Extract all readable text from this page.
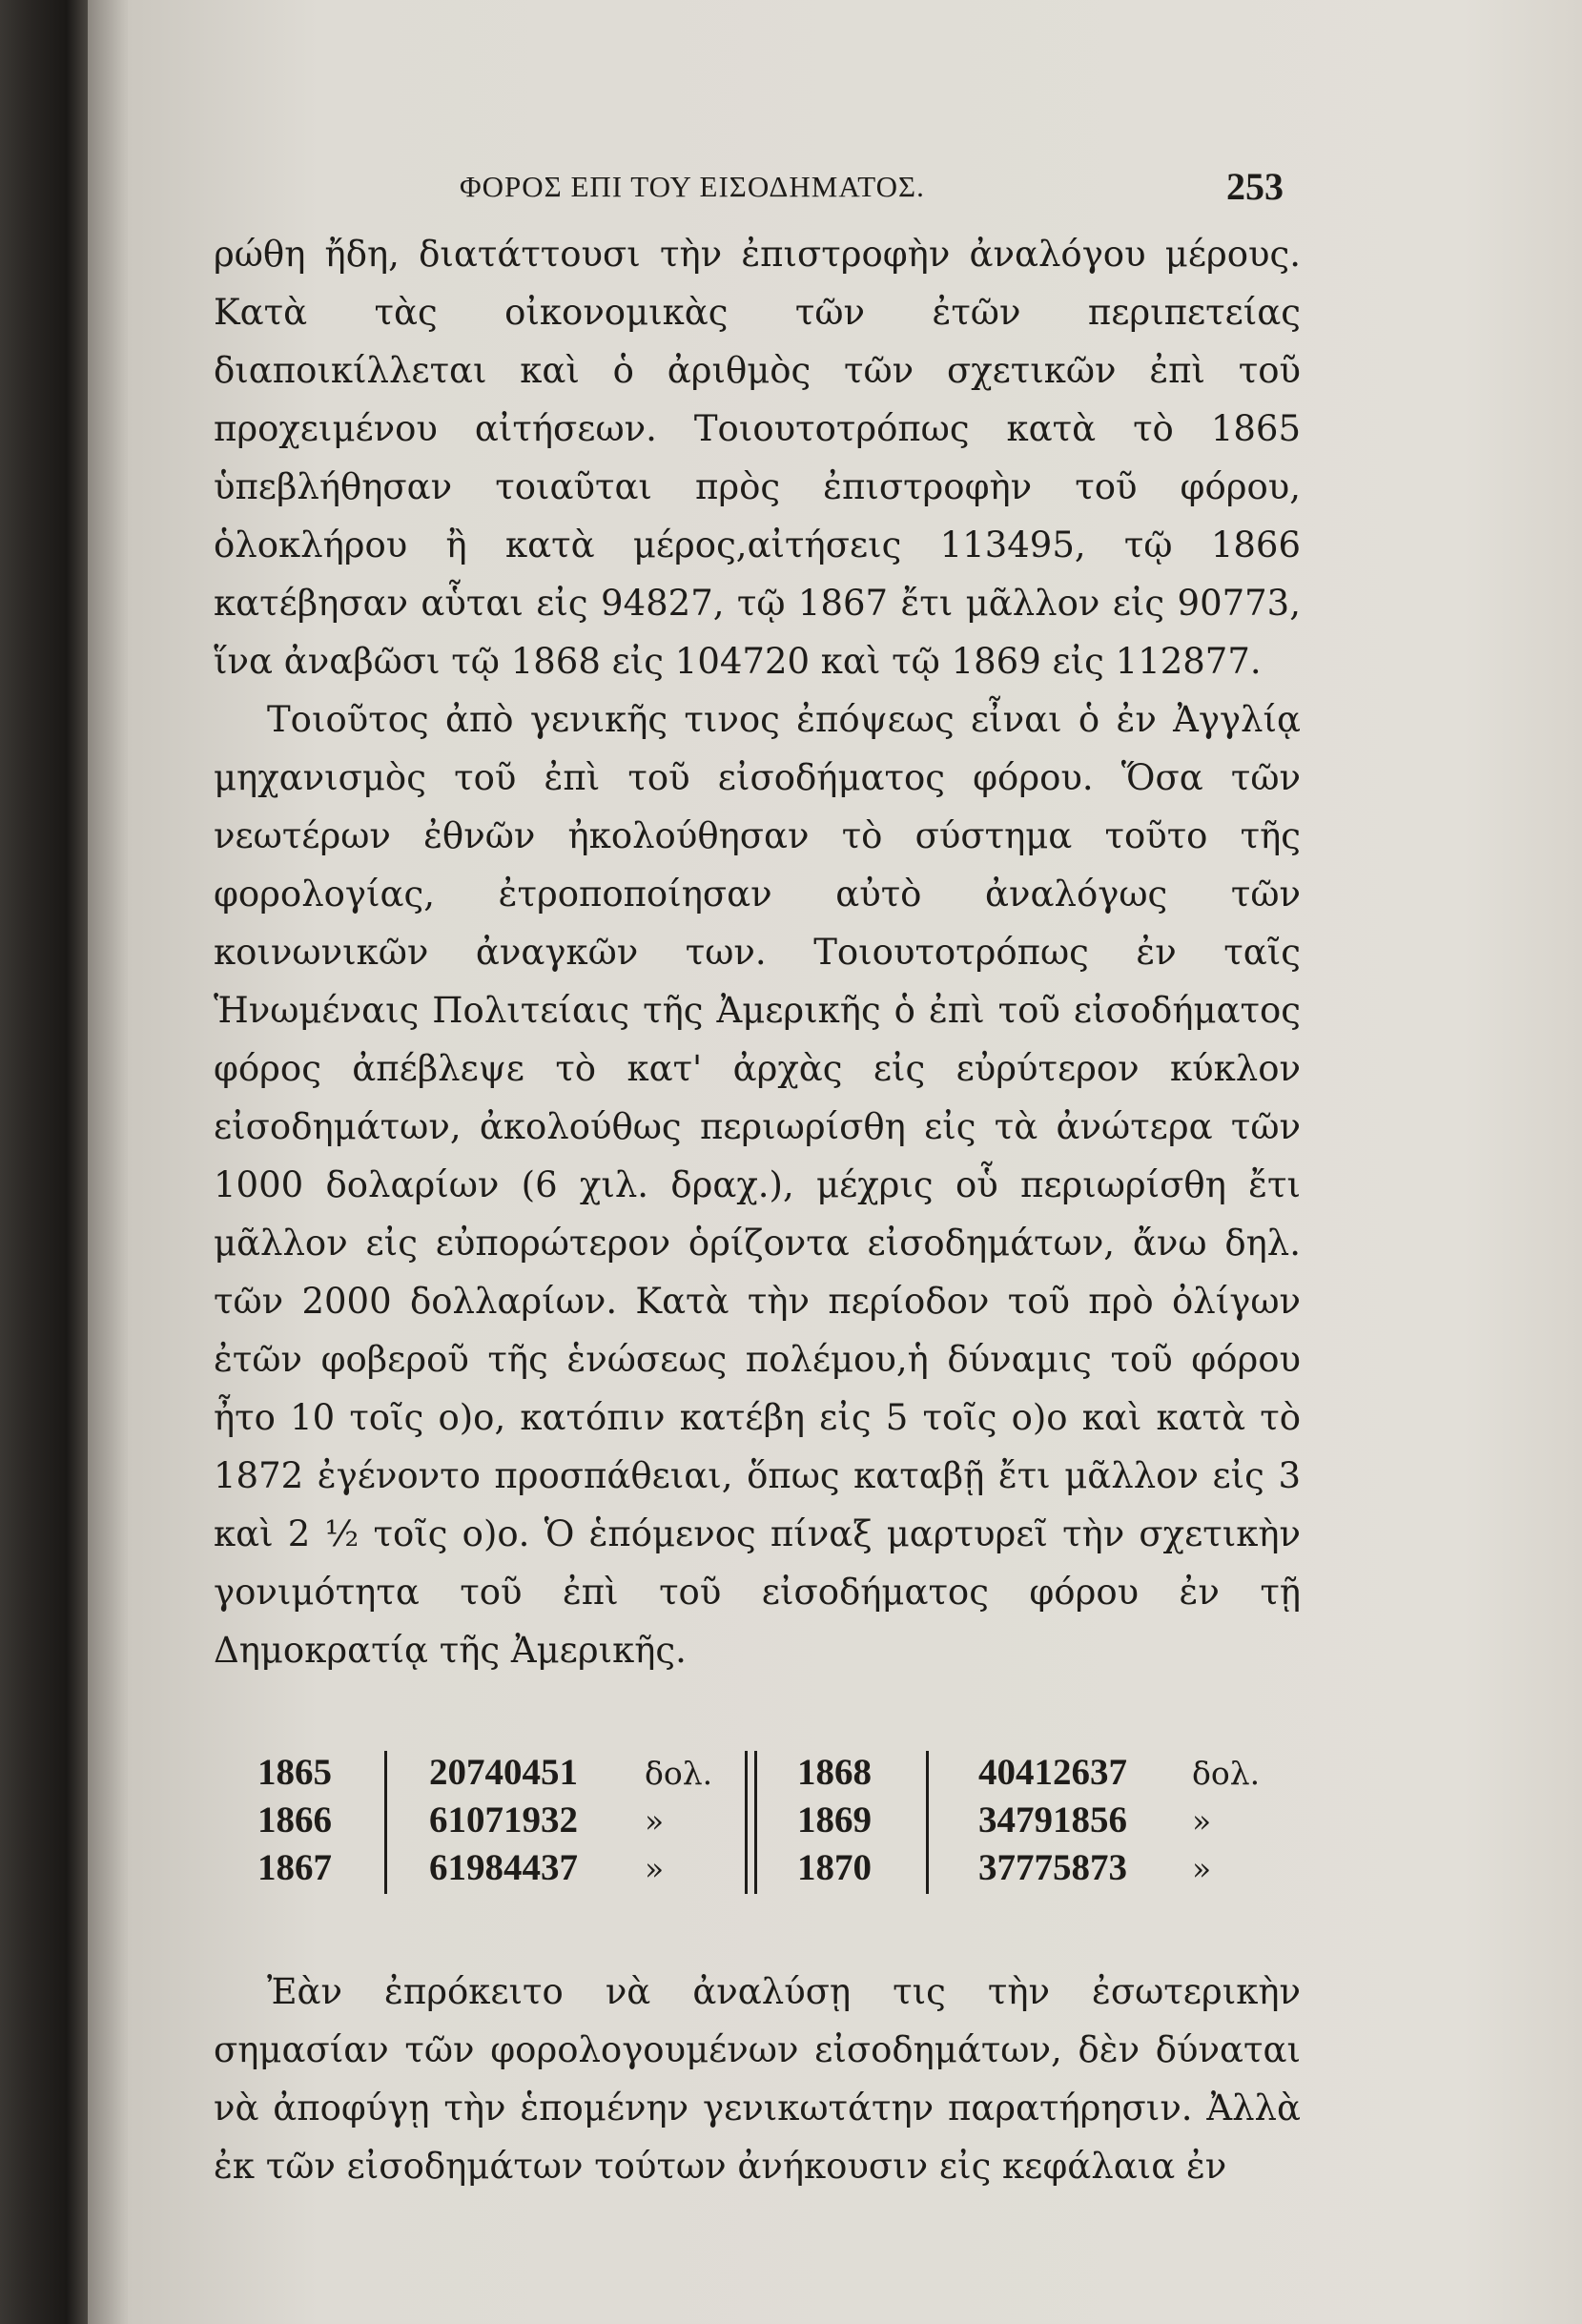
ΦΟΡΟΣ ΕΠΙ ΤΟΥ ΕΙΣΟΔΗΜΑΤΟΣ.	253

ρώθη ἤδη, διατάττουσι τὴν ἐπιστροφὴν ἀναλόγου μέρους. Κατὰ τὰς οἰκονομικὰς τῶν ἐτῶν περιπετείας διαποικίλλεται καὶ ὁ ἀριθμὸς τῶν σχετικῶν ἐπὶ τοῦ προχειμένου αἰτήσεων. Τοιουτοτρόπως κατὰ τὸ 1865 ὑπεβλήθησαν τοιαῦται πρὸς ἐπιστροφὴν τοῦ φόρου, ὁλοκλήρου ἢ κατὰ μέρος,αἰτήσεις 113495, τῷ 1866 κατέβησαν αὗται εἰς 94827, τῷ 1867 ἔτι μᾶλλον εἰς 90773, ἵνα ἀναβῶσι τῷ 1868 εἰς 104720 καὶ τῷ 1869 εἰς 112877.

Τοιοῦτος ἀπὸ γενικῆς τινος ἐπόψεως εἶναι ὁ ἐν Ἀγγλίᾳ μηχανισμὸς τοῦ ἐπὶ τοῦ εἰσοδήματος φόρου. Ὅσα τῶν νεωτέρων ἐθνῶν ἠκολούθησαν τὸ σύστημα τοῦτο τῆς φορολογίας, ἐτροποποίησαν αὐτὸ ἀναλόγως τῶν κοινωνικῶν ἀναγκῶν των. Τοιουτοτρόπως ἐν ταῖς Ἡνωμέναις Πολιτείαις τῆς Ἀμερικῆς ὁ ἐπὶ τοῦ εἰσοδήματος φόρος ἀπέβλεψε τὸ κατ' ἀρχὰς εἰς εὐρύτερον κύκλον εἰσοδημάτων, ἀκολούθως περιωρίσθη εἰς τὰ ἀνώτερα τῶν 1000 δολαρίων (6 χιλ. δραχ.), μέχρις οὗ περιωρίσθη ἔτι μᾶλλον εἰς εὐπορώτερον ὁρίζοντα εἰσοδημάτων, ἄνω δηλ. τῶν 2000 δολλαρίων. Κατὰ τὴν περίοδον τοῦ πρὸ ὀλίγων ἐτῶν φοβεροῦ τῆς ἑνώσεως πολέμου,ἡ δύναμις τοῦ φόρου ἦτο 10 τοῖς ο)ο, κατόπιν κατέβη εἰς 5 τοῖς ο)ο καὶ κατὰ τὸ 1872 ἐγένοντο προσπάθειαι, ὅπως καταβῇ ἔτι μᾶλλον εἰς 3 καὶ 2 ½ τοῖς ο)ο. Ὁ ἑπόμενος πίναξ μαρτυρεῖ τὴν σχετικὴν γονιμότητα τοῦ ἐπὶ τοῦ εἰσοδήματος φόρου ἐν τῇ Δημοκρατίᾳ τῆς Ἀμερικῆς.

1865	20740451 δολ. 1868	40412637 δολ.
1866	61071932 »	1869	34791856 »
1867	61984437 »	1870	37775873 »

Ἐὰν ἐπρόκειτο νὰ ἀναλύσῃ τις τὴν ἐσωτερικὴν σημασίαν τῶν φορολογουμένων εἰσοδημάτων, δὲν δύναται νὰ ἀποφύγῃ τὴν ἑπομένην γενικωτάτην παρατήρησιν. Ἀλλὰ ἐκ τῶν εἰσοδημάτων τούτων ἀνήκουσιν εἰς κεφάλαια ἐν
